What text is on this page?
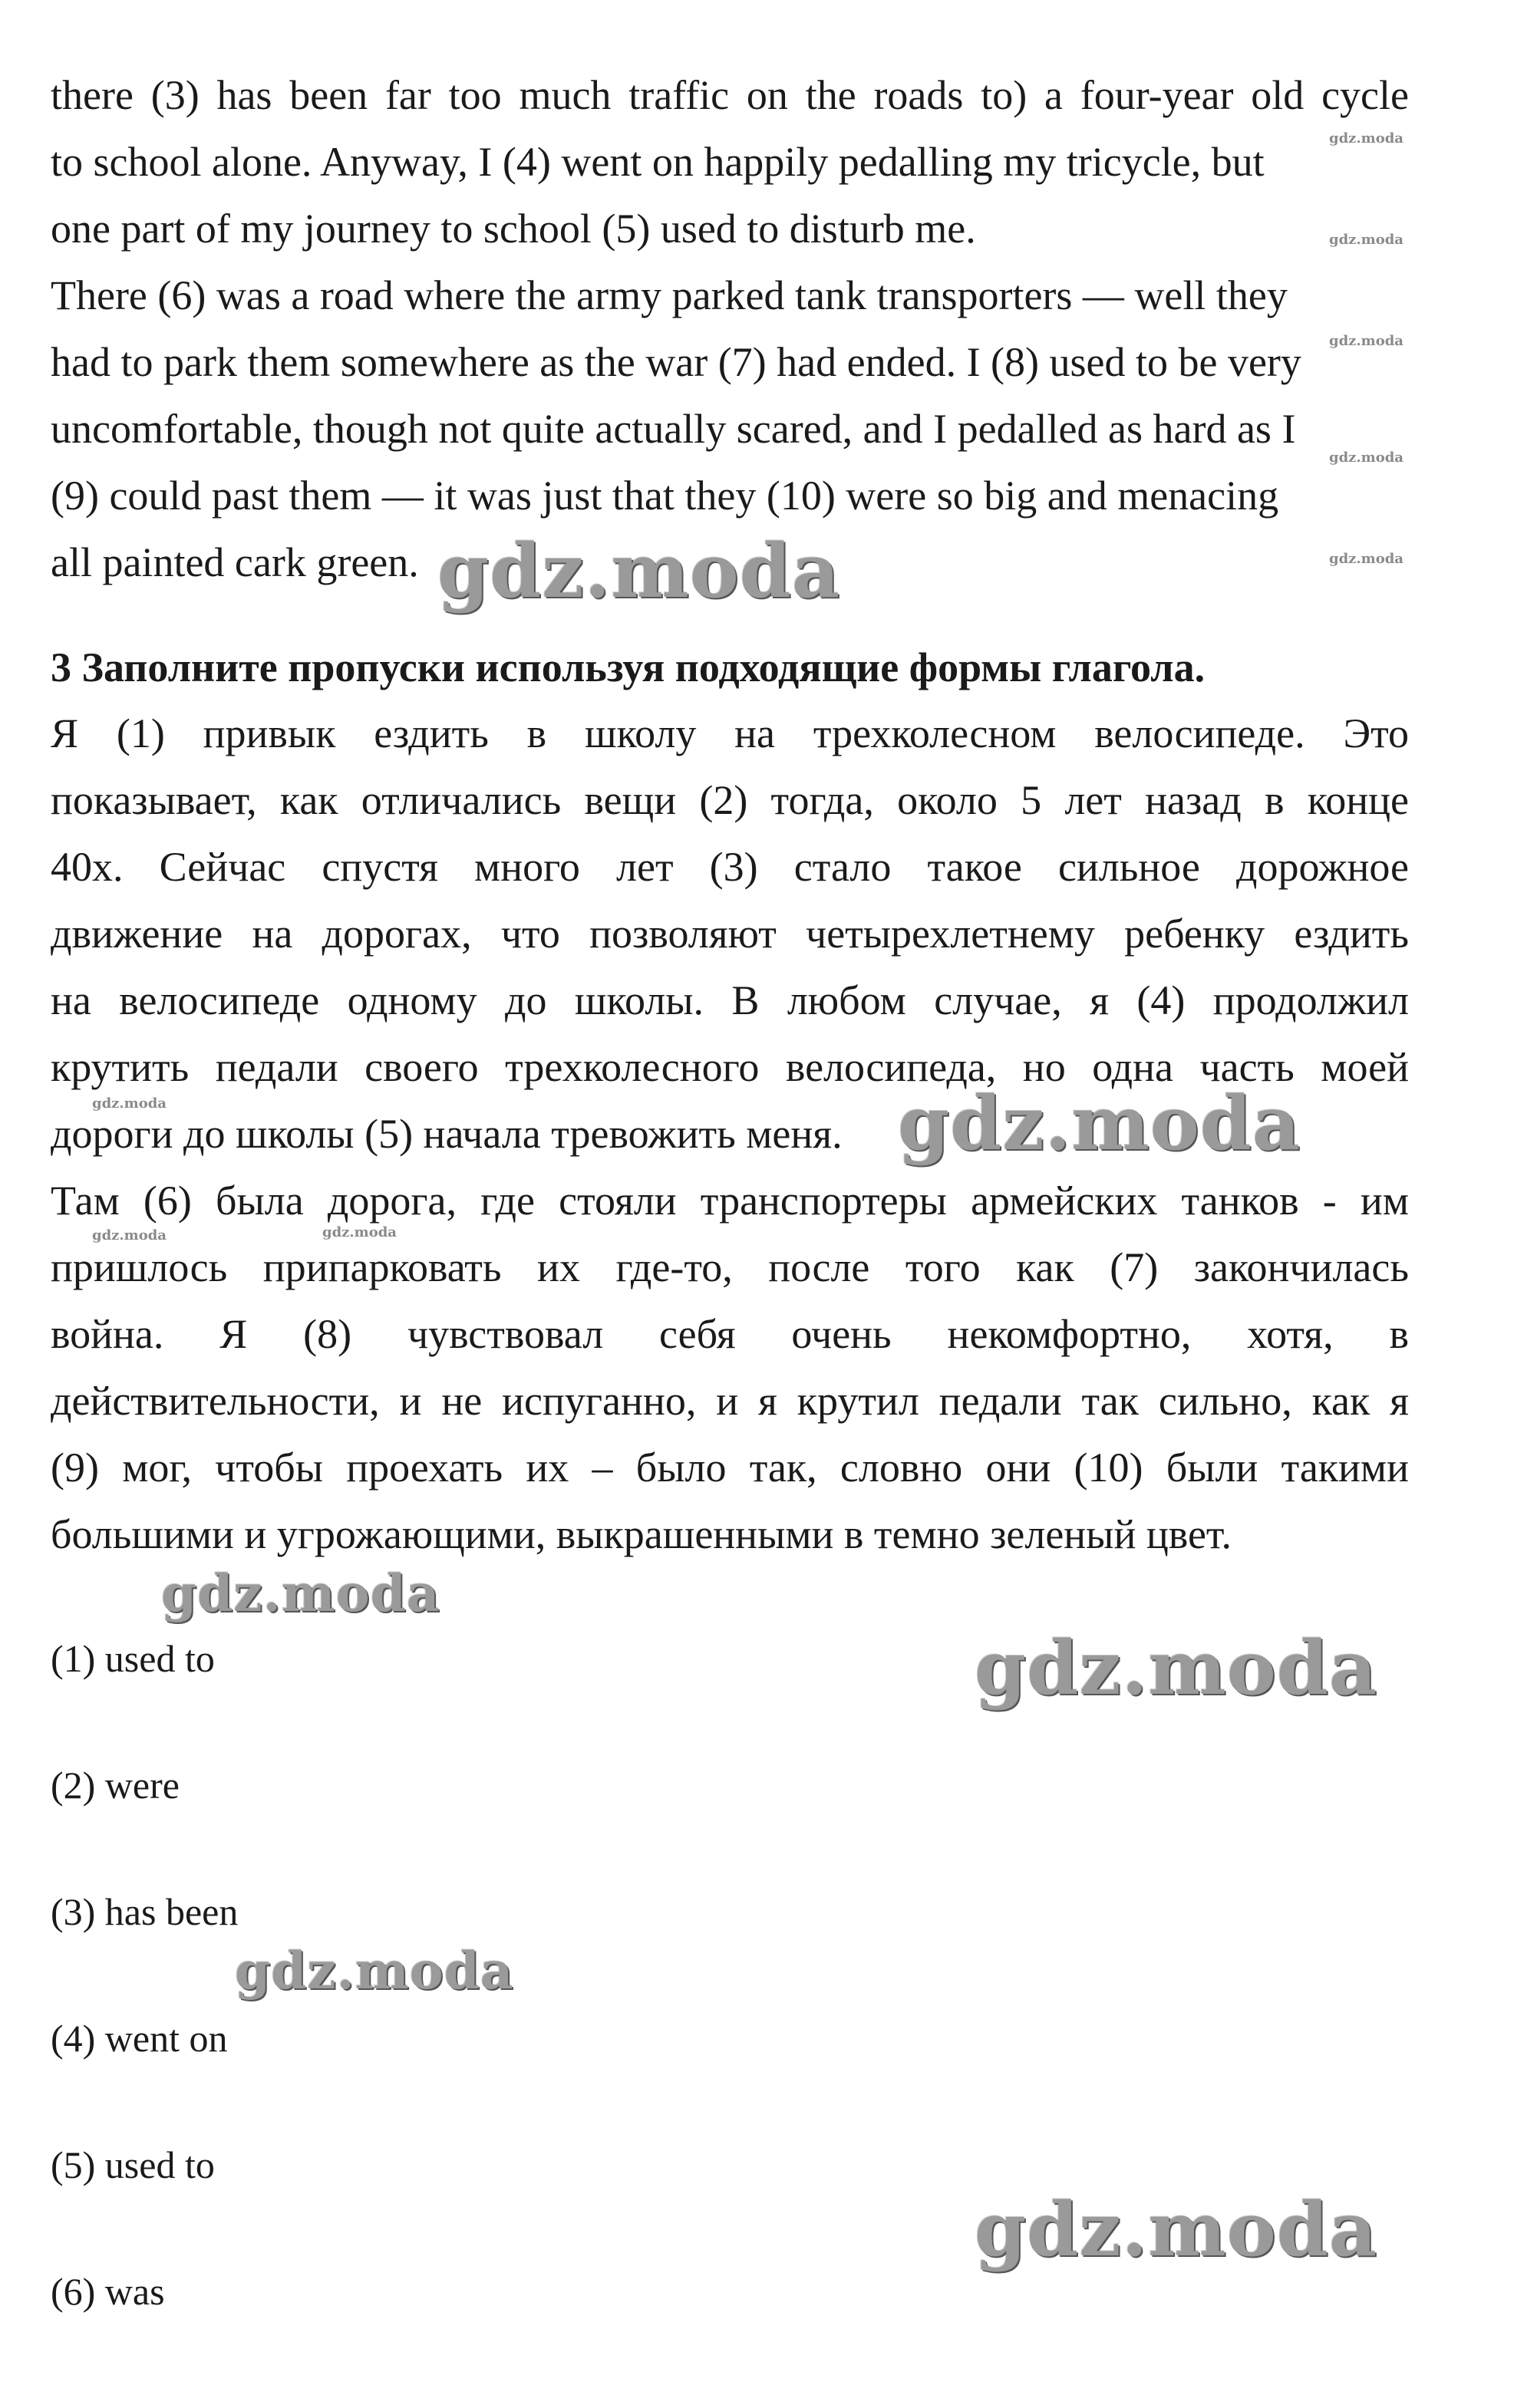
there (3) has been far too much traffic on the roads to) a four-year old cycle
to school alone. Anyway, I (4) went on happily pedalling my tricycle, but
one part of my journey to school (5) used to disturb me.
There (6) was a road where the army parked tank transporters — well they
had to park them somewhere as the war (7) had ended. I (8) used to be very
uncomfortable, though not quite actually scared, and I pedalled as hard as I
(9) could past them — it was just that they (10) were so big and menacing
all painted cark green.
3 Заполните пропуски используя подходящие формы глагола.
Я (1) привык ездить в школу на трехколесном велосипеде. Это
показывает, как отличались вещи (2) тогда, около 5 лет назад в конце
40х. Сейчас спустя много лет (3) стало такое сильное дорожное
движение на дорогах, что позволяют четырехлетнему ребенку ездить
на велосипеде одному до школы. В любом случае, я (4) продолжил
крутить педали своего трехколесного велосипеда, но одна часть моей
дороги до школы (5) начала тревожить меня.
Там (6) была дорога, где стояли транспортеры армейских танков - им
пришлось припарковать их где-то, после того как (7) закончилась
война. Я (8) чувствовал себя очень некомфортно, хотя, в
действительности, и не испуганно, и я крутил педали так сильно, как я
(9) мог, чтобы проехать их – было так, словно они (10) были такими
большими и угрожающими, выкрашенными в темно зеленый цвет.
(1) used to
(2) were
(3) has been
(4) went on
(5) used to
(6) was
gdz.moda
gdz.moda
gdz.moda
gdz.moda
gdz.moda
gdz.moda
gdz.moda	gdz.moda
gdz.moda
gdz.moda
gdz.moda
gdz.moda
gdz.moda
gdz.moda
